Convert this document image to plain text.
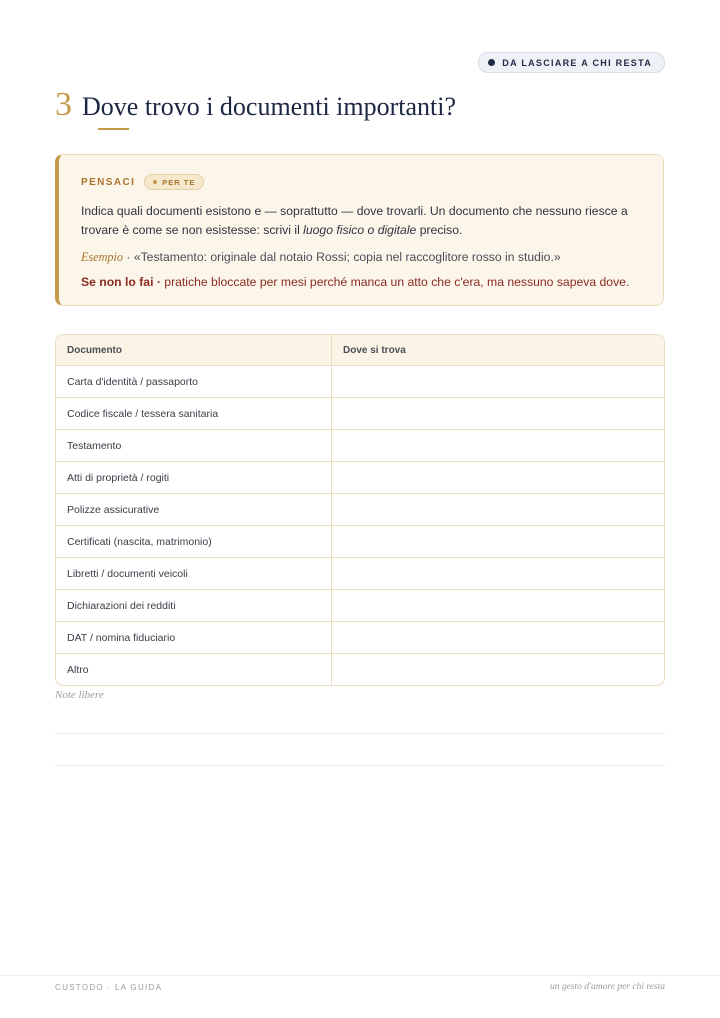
DA LASCIARE A CHI RESTA
3 Dove trovo i documenti importanti?
PENSACI	PER TE
Indica quali documenti esistono e — soprattutto — dove trovarli. Un documento che nessuno riesce a trovare è come se non esistesse: scrivi il luogo fisico o digitale preciso.
Esempio · «Testamento: originale dal notaio Rossi; copia nel raccoglitore rosso in studio.»
Se non lo fai · pratiche bloccate per mesi perché manca un atto che c'era, ma nessuno sapeva dove.
Documento	Dove si trova
Carta d'identità / passaporto
Codice fiscale / tessera sanitaria
Testamento
Atti di proprietà / rogiti
Polizze assicurative
Certificati (nascita, matrimonio)
Libretti / documenti veicoli
Dichiarazioni dei redditi
DAT / nomina fiduciario
Altro
Note libere
CUSTODO · LA GUIDA	un gesto d'amore per chi resta
